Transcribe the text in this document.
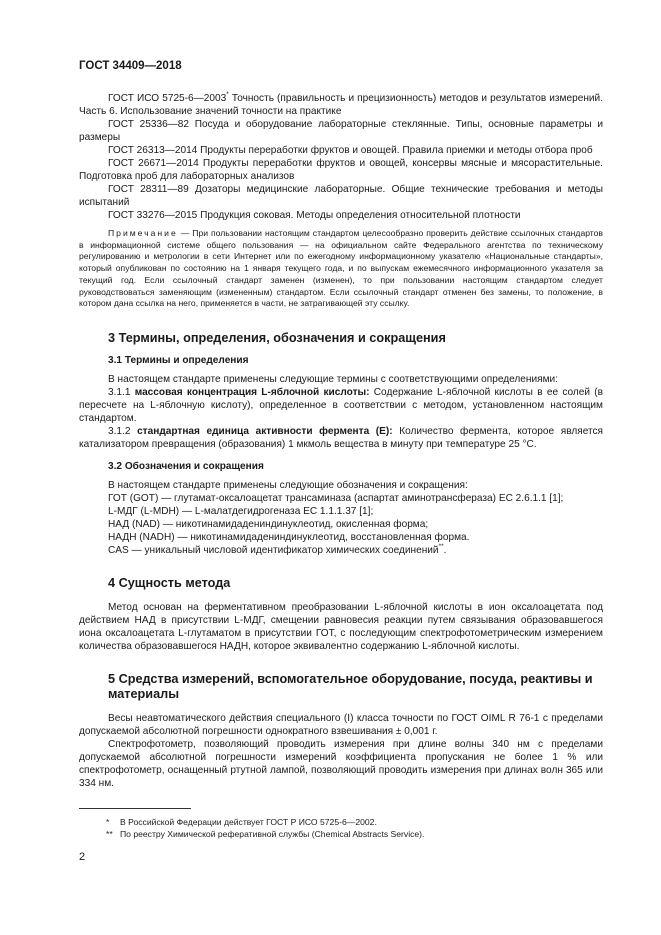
ГОСТ 34409—2018

ГОСТ ИСО 5725-6—2003* Точность (правильность и прецизионность) методов и результатов измерений. Часть 6. Использование значений точности на практике

ГОСТ 25336—82 Посуда и оборудование лабораторные стеклянные. Типы, основные параметры и размеры

ГОСТ 26313—2014 Продукты переработки фруктов и овощей. Правила приемки и методы отбора проб

ГОСТ 26671—2014 Продукты переработки фруктов и овощей, консервы мясные и мясорастительные. Подготовка проб для лабораторных анализов

ГОСТ 28311—89 Дозаторы медицинские лабораторные. Общие технические требования и методы испытаний

ГОСТ 33276—2015 Продукция соковая. Методы определения относительной плотности

Примечание — При пользовании настоящим стандартом целесообразно проверить действие ссылочных стандартов в информационной системе общего пользования — на официальном сайте Федерального агентства по техническому регулированию и метрологии в сети Интернет или по ежегодному информационному указателю «Национальные стандарты», который опубликован по состоянию на 1 января текущего года, и по выпускам ежемесячного информационного указателя за текущий год. Если ссылочный стандарт заменен (изменен), то при пользовании настоящим стандартом следует руководствоваться заменяющим (измененным) стандартом. Если ссылочный стандарт отменен без замены, то положение, в котором дана ссылка на него, применяется в части, не затрагивающей эту ссылку.

3 Термины, определения, обозначения и сокращения
3.1 Термины и определения

В настоящем стандарте применены следующие термины с соответствующими определениями:

3.1.1 массовая концентрация L-яблочной кислоты: Содержание L-яблочной кислоты в ее солей (в пересчете на L-яблочную кислоту), определенное в соответствии с методом, установленном настоящим стандартом.

3.1.2 стандартная единица активности фермента (E): Количество фермента, которое является катализатором превращения (образования) 1 мкмоль вещества в минуту при температуре 25 °С.

3.2 Обозначения и сокращения

В настоящем стандарте применены следующие обозначения и сокращения:

ГОТ (GOT) — глутамат-оксалоацетат трансаминаза (аспартат аминотрансфераза) ЕС 2.6.1.1 [1];

L-МДГ (L-MDH) — L-малатдегидрогеназа ЕС 1.1.1.37 [1];

НАД (NAD) — никотинамидадениндинуклеотид, окисленная форма;

НАДН (NADH) — никотинамидадениндинуклеотид, восстановленная форма.

CAS — уникальный числовой идентификатор химических соединений**.

4 Сущность метода

Метод основан на ферментативном преобразовании L-яблочной кислоты в ион оксалоацетата под действием НАД в присутствии L-МДГ, смещении равновесия реакции путем связывания образовавшегося иона оксалоацетата L-глутаматом в присутствии ГОТ, с последующим спектрофотометрическим измерением количества образовавшегося НАДН, которое эквивалентно содержанию L-яблочной кислоты.

5 Средства измерений, вспомогательное оборудование, посуда, реактивы и материалы

Весы неавтоматического действия специального (I) класса точности по ГОСТ OIML R 76-1 с пределами допускаемой абсолютной погрешности однократного взвешивания ± 0,001 г.

Спектрофотометр, позволяющий проводить измерения при длине волны 340 нм с пределами допускаемой абсолютной погрешности измерений коэффициента пропускания не более 1 % или спектрофотометр, оснащенный ртутной лампой, позволяющий проводить измерения при длинах волн 365 или 334 нм.

* В Российской Федерации действует ГОСТ Р ИСО 5725-6—2002.

** По реестру Химической реферативной службы (Chemical Abstracts Service).

2
